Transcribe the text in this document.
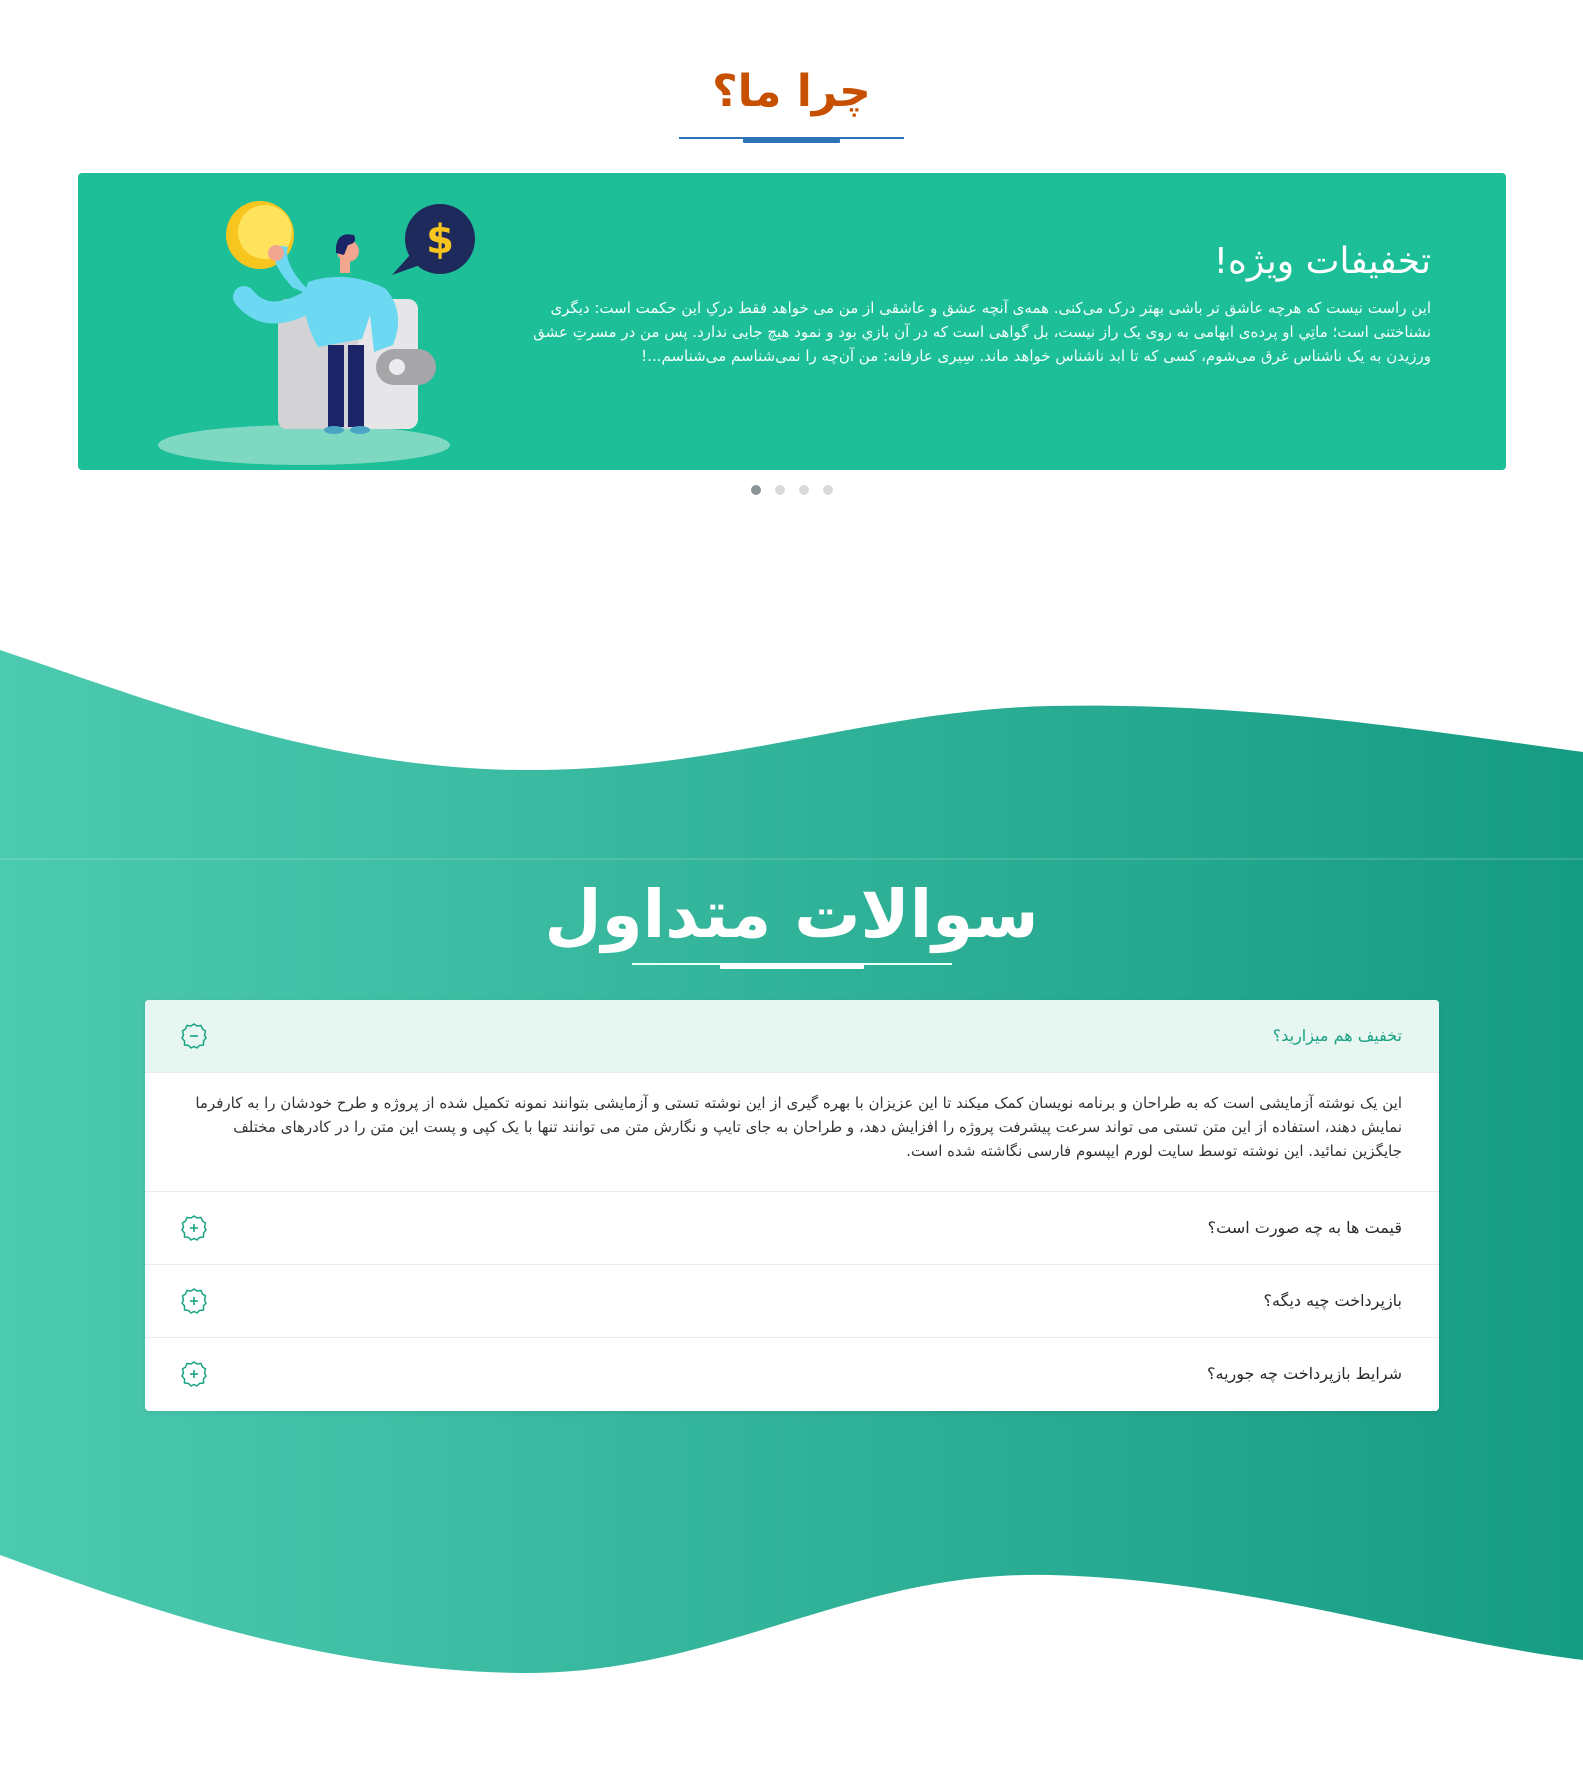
چرا ما؟
$	تخفیفات ویژه!
این راست نیست که هرچه عاشق تر باشی بهتر درک می‌کنی. همه‌ی آنچه عشق و عاشقی از من می خواهد فقط درکِ این حکمت است: دیگری نشناختنی است؛ ماتِي او پرده‌ی ابهامی به روی یک راز نیست، بل گواهی است که در آن بازي بود و نمود هیچ جایی ندارد. پس من در مسرتِ عشق ورزیدن به یک ناشناس غرق می‌شوم، کسی که تا ابد ناشناس خواهد ماند. سِیری عارفانه: من آن‌چه را نمی‌شناسم می‌شناسم...!
سوالات متداول
تخفیف هم میزارید؟
این یک نوشته آزمایشی است که به طراحان و برنامه نویسان کمک میکند تا این عزیزان با بهره گیری از این نوشته تستی و آزمایشی بتوانند نمونه تکمیل شده از پروژه و طرح خودشان را به کارفرما نمایش دهند، استفاده از این متن تستی می تواند سرعت پیشرفت پروژه را افزایش دهد، و طراحان به جای تایپ و نگارش متن می توانند تنها با یک کپی و پست این متن را در کادرهای مختلف جایگزین نمائید. این نوشته توسط سایت لورم ایپسوم فارسی نگاشته شده است.
قیمت ها به چه صورت است؟
بازپرداخت چیه دیگه؟
شرایط بازپرداخت چه جوریه؟
